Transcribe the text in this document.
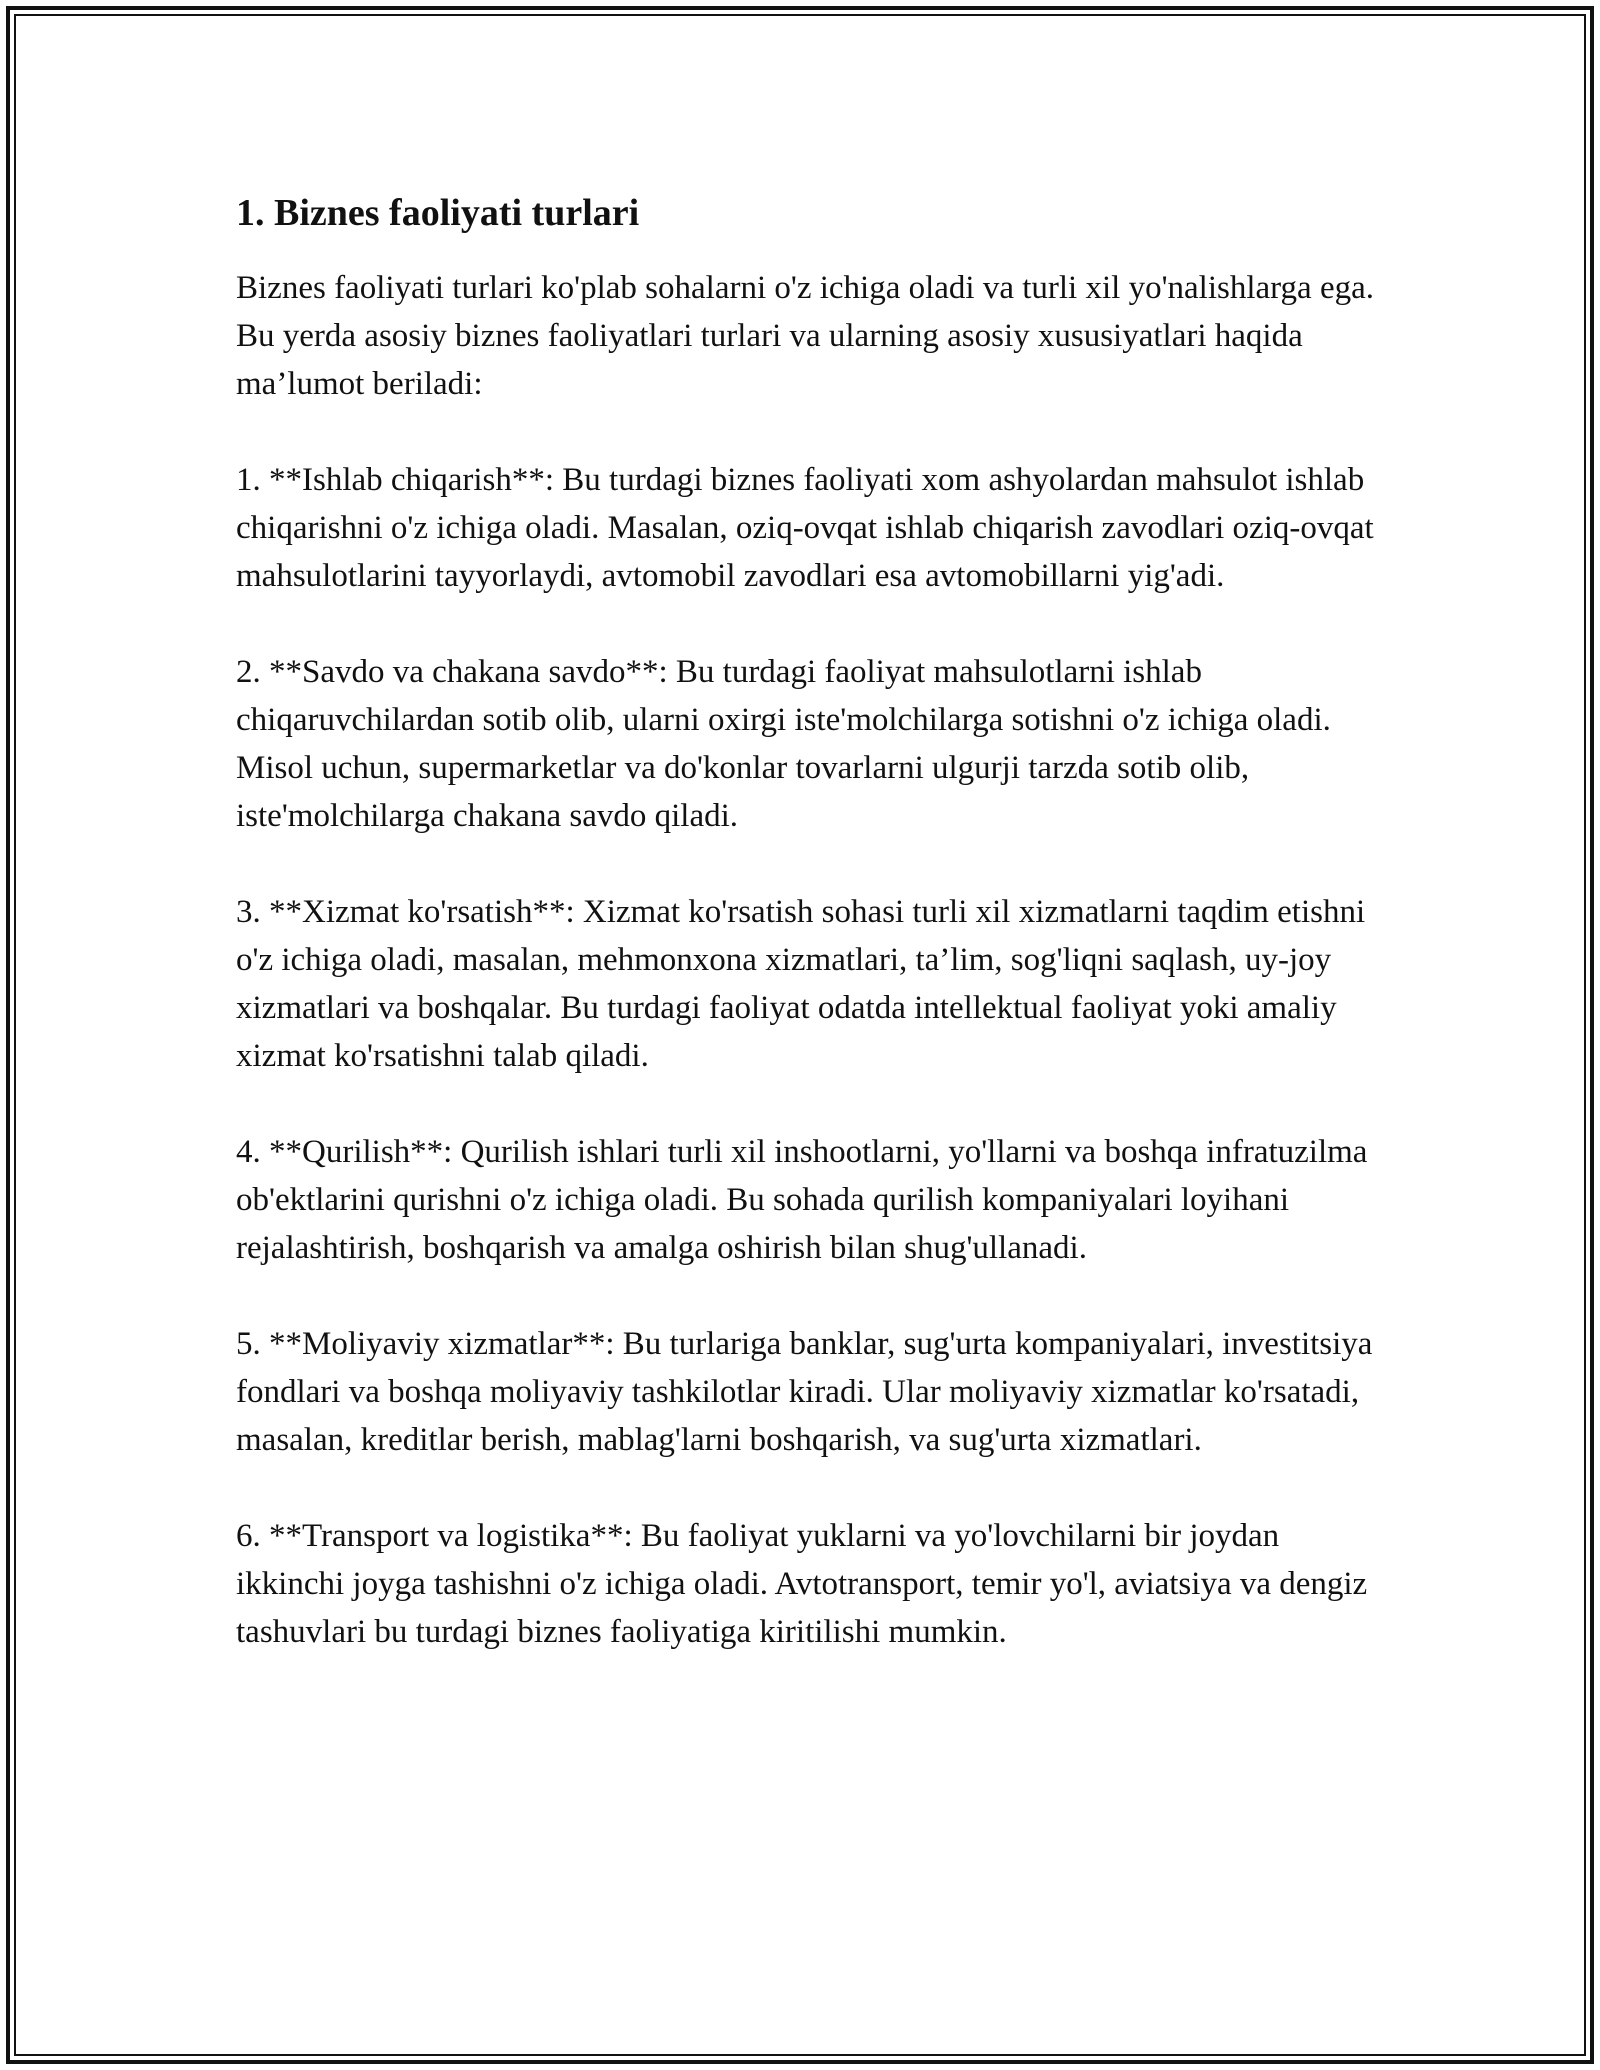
1. Biznes faoliyati turlari

Biznes faoliyati turlari ko'plab sohalarni o'z ichiga oladi va turli xil yo'nalishlarga ega. Bu yerda asosiy biznes faoliyatlari turlari va ularning asosiy xususiyatlari haqida ma’lumot beriladi:

1. **Ishlab chiqarish**: Bu turdagi biznes faoliyati xom ashyolardan mahsulot ishlab chiqarishni o'z ichiga oladi. Masalan, oziq-ovqat ishlab chiqarish zavodlari oziq-ovqat mahsulotlarini tayyorlaydi, avtomobil zavodlari esa avtomobillarni yig'adi.

2. **Savdo va chakana savdo**: Bu turdagi faoliyat mahsulotlarni ishlab chiqaruvchilardan sotib olib, ularni oxirgi iste'molchilarga sotishni o'z ichiga oladi. Misol uchun, supermarketlar va do'konlar tovarlarni ulgurji tarzda sotib olib, iste'molchilarga chakana savdo qiladi.

3. **Xizmat ko'rsatish**: Xizmat ko'rsatish sohasi turli xil xizmatlarni taqdim etishni o'z ichiga oladi, masalan, mehmonxona xizmatlari, ta’lim, sog'liqni saqlash, uy-joy xizmatlari va boshqalar. Bu turdagi faoliyat odatda intellektual faoliyat yoki amaliy xizmat ko'rsatishni talab qiladi.

4. **Qurilish**: Qurilish ishlari turli xil inshootlarni, yo'llarni va boshqa infratuzilma ob'ektlarini qurishni o'z ichiga oladi. Bu sohada qurilish kompaniyalari loyihani rejalashtirish, boshqarish va amalga oshirish bilan shug'ullanadi.

5. **Moliyaviy xizmatlar**: Bu turlariga banklar, sug'urta kompaniyalari, investitsiya fondlari va boshqa moliyaviy tashkilotlar kiradi. Ular moliyaviy xizmatlar ko'rsatadi, masalan, kreditlar berish, mablag'larni boshqarish, va sug'urta xizmatlari.

6. **Transport va logistika**: Bu faoliyat yuklarni va yo'lovchilarni bir joydan ikkinchi joyga tashishni o'z ichiga oladi. Avtotransport, temir yo'l, aviatsiya va dengiz tashuvlari bu turdagi biznes faoliyatiga kiritilishi mumkin.
